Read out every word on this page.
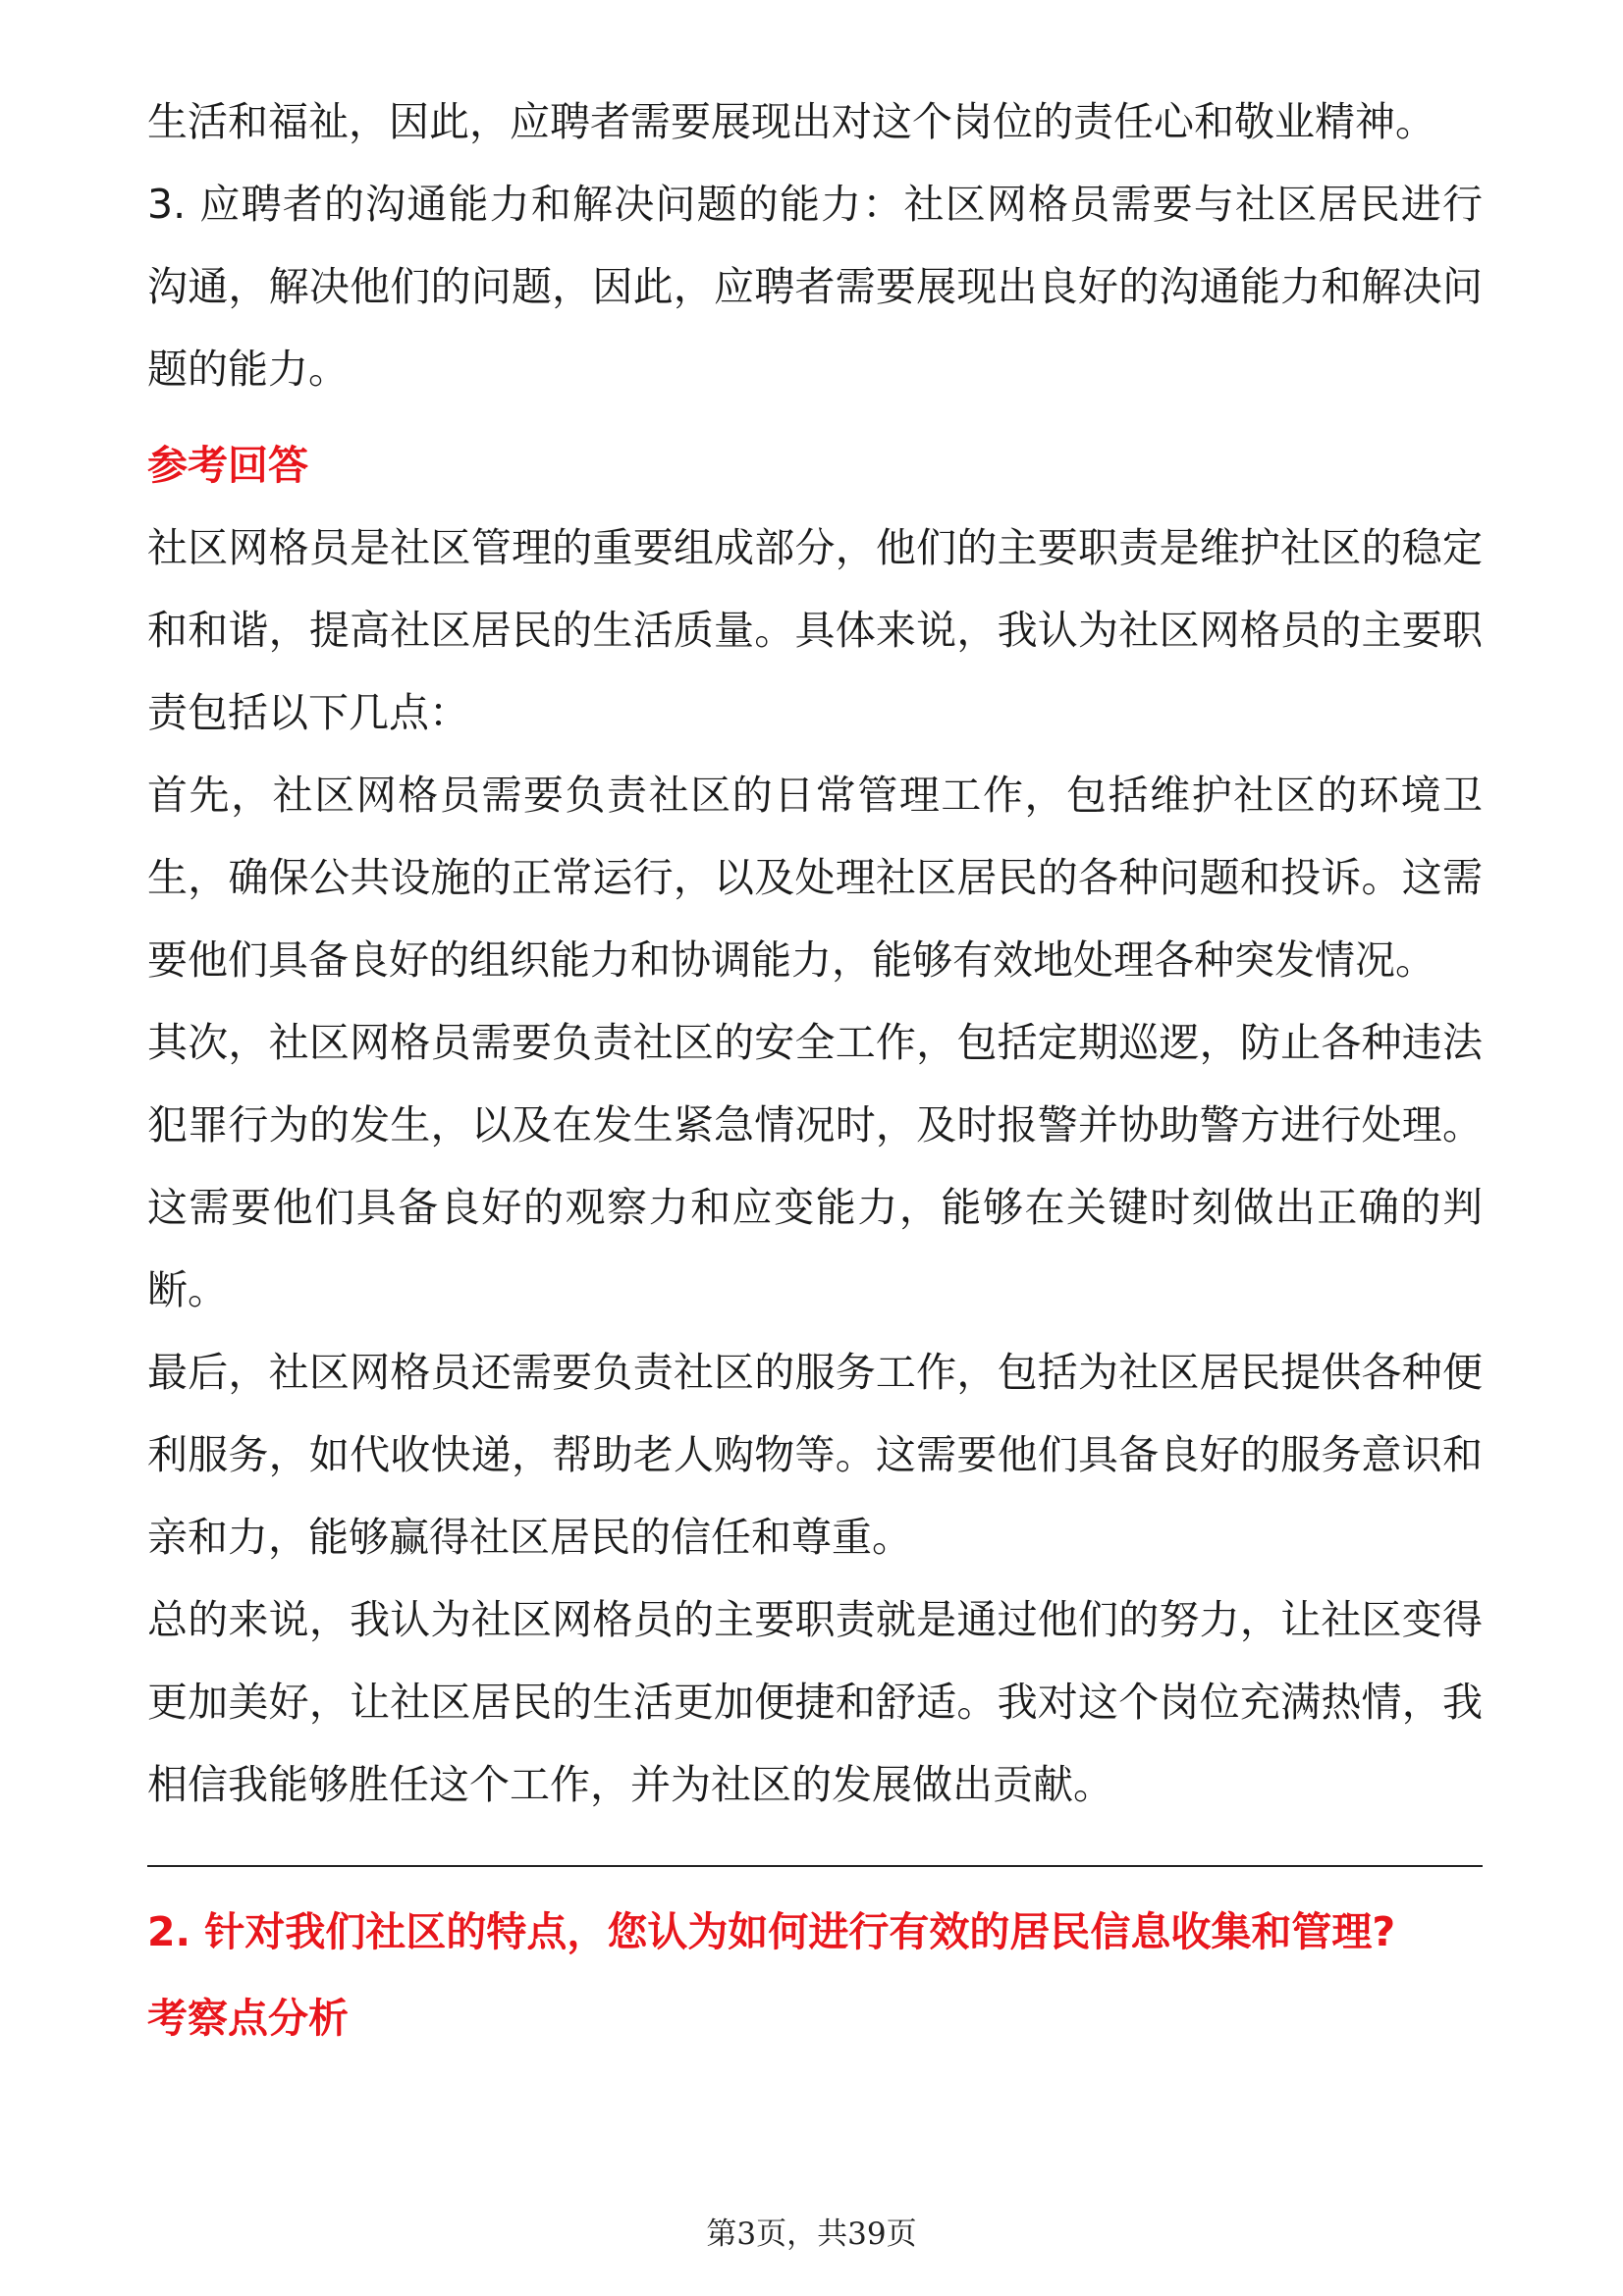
生活和福祉，因此，应聘者需要展现出对这个岗位的责任心和敬业精神。

3. 应聘者的沟通能力和解决问题的能力：社区网格员需要与社区居民进行沟通，解决他们的问题，因此，应聘者需要展现出良好的沟通能力和解决问题的能力。

参考回答

社区网格员是社区管理的重要组成部分，他们的主要职责是维护社区的稳定和和谐，提高社区居民的生活质量。具体来说，我认为社区网格员的主要职责包括以下几点：

首先，社区网格员需要负责社区的日常管理工作，包括维护社区的环境卫生，确保公共设施的正常运行，以及处理社区居民的各种问题和投诉。这需要他们具备良好的组织能力和协调能力，能够有效地处理各种突发情况。

其次，社区网格员需要负责社区的安全工作，包括定期巡逻，防止各种违法犯罪行为的发生，以及在发生紧急情况时，及时报警并协助警方进行处理。这需要他们具备良好的观察力和应变能力，能够在关键时刻做出正确的判断。

最后，社区网格员还需要负责社区的服务工作，包括为社区居民提供各种便利服务，如代收快递，帮助老人购物等。这需要他们具备良好的服务意识和亲和力，能够赢得社区居民的信任和尊重。

总的来说，我认为社区网格员的主要职责就是通过他们的努力，让社区变得更加美好，让社区居民的生活更加便捷和舒适。我对这个岗位充满热情，我相信我能够胜任这个工作，并为社区的发展做出贡献。

2. 针对我们社区的特点，您认为如何进行有效的居民信息收集和管理?

考察点分析

第3页，共39页
